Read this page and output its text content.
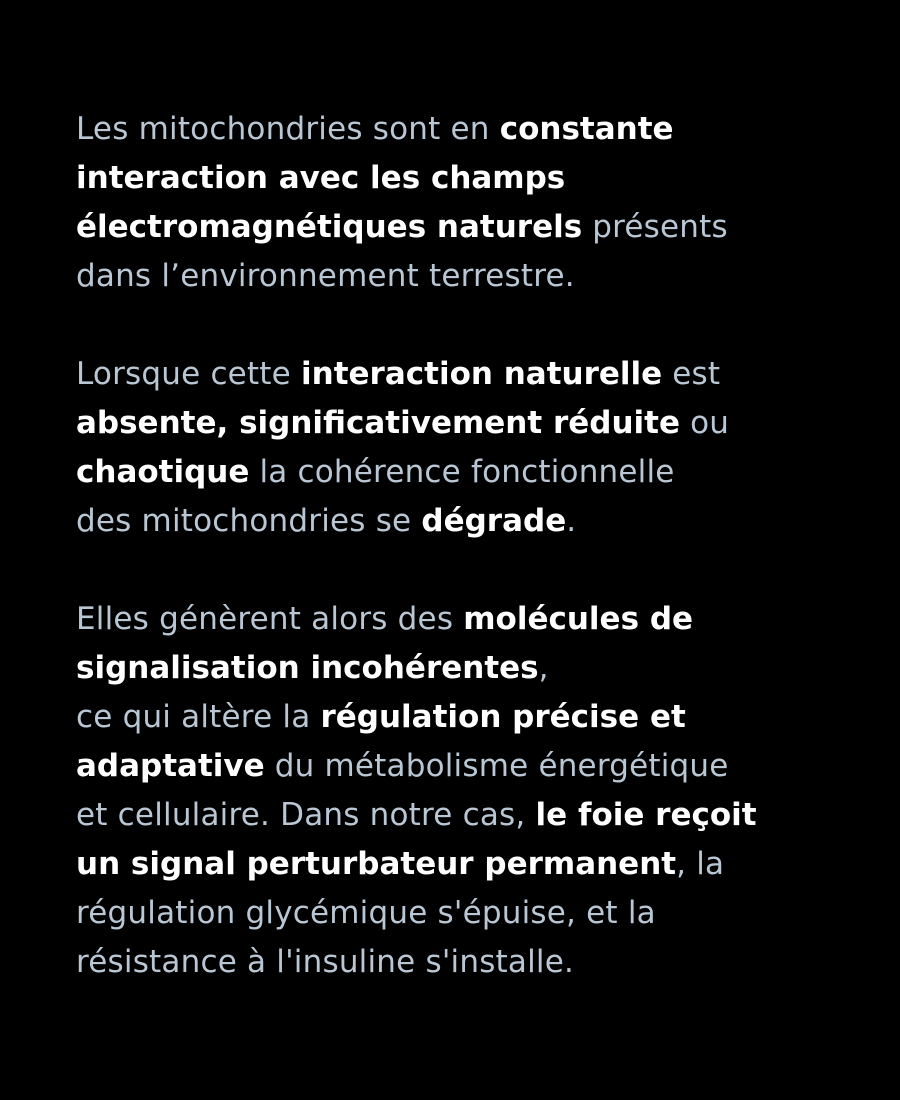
Les mitochondries sont en constante
interaction avec les champs
électromagnétiques naturels présents
dans l’environnement terrestre.

Lorsque cette interaction naturelle est
absente, significativement réduite ou
chaotique la cohérence fonctionnelle
des mitochondries se dégrade.

Elles génèrent alors des molécules de
signalisation incohérentes,
ce qui altère la régulation précise et
adaptative du métabolisme énergétique
et cellulaire. Dans notre cas, le foie reçoit
un signal perturbateur permanent, la
régulation glycémique s'épuise, et la
résistance à l'insuline s'installe.
